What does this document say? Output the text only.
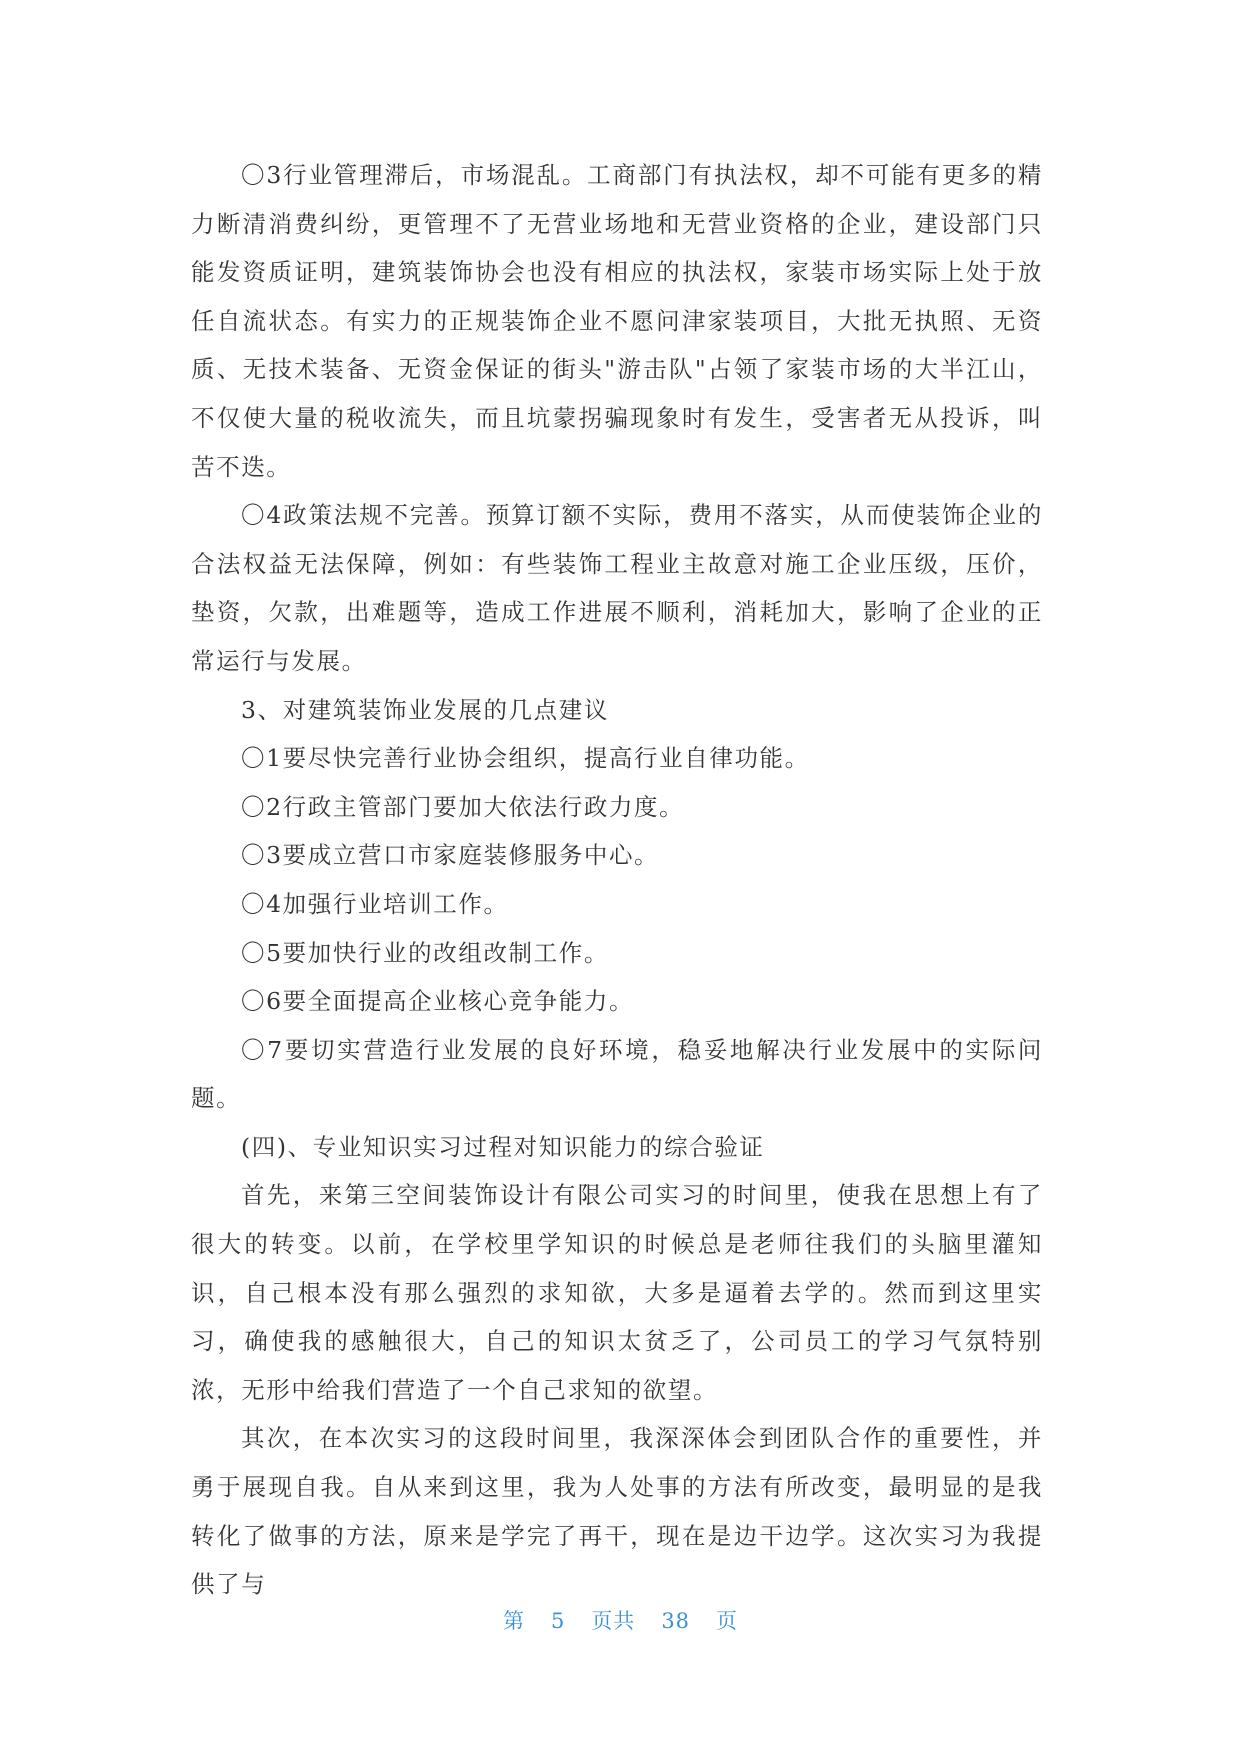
〇3行业管理滞后，市场混乱。工商部门有执法权，却不可能有更多的精力断清消费纠纷，更管理不了无营业场地和无营业资格的企业，建设部门只能发资质证明，建筑装饰协会也没有相应的执法权，家装市场实际上处于放任自流状态。有实力的正规装饰企业不愿问津家装项目，大批无执照、无资质、无技术装备、无资金保证的街头"游击队"占领了家装市场的大半江山，不仅使大量的税收流失，而且坑蒙拐骗现象时有发生，受害者无从投诉，叫苦不迭。

〇4政策法规不完善。预算订额不实际，费用不落实，从而使装饰企业的合法权益无法保障，例如：有些装饰工程业主故意对施工企业压级，压价，垫资，欠款，出难题等，造成工作进展不顺利，消耗加大，影响了企业的正常运行与发展。

3、对建筑装饰业发展的几点建议

〇1要尽快完善行业协会组织，提高行业自律功能。

〇2行政主管部门要加大依法行政力度。

〇3要成立营口市家庭装修服务中心。

〇4加强行业培训工作。

〇5要加快行业的改组改制工作。

〇6要全面提高企业核心竞争能力。

〇7要切实营造行业发展的良好环境，稳妥地解决行业发展中的实际问题。

(四)、专业知识实习过程对知识能力的综合验证

首先，来第三空间装饰设计有限公司实习的时间里，使我在思想上有了很大的转变。以前，在学校里学知识的时候总是老师往我们的头脑里灌知识，自己根本没有那么强烈的求知欲，大多是逼着去学的。然而到这里实习，确使我的感触很大，自己的知识太贫乏了，公司员工的学习气氛特别浓，无形中给我们营造了一个自己求知的欲望。

其次，在本次实习的这段时间里，我深深体会到团队合作的重要性，并勇于展现自我。自从来到这里，我为人处事的方法有所改变，最明显的是我转化了做事的方法，原来是学完了再干，现在是边干边学。这次实习为我提供了与

第 5 页共 38 页
